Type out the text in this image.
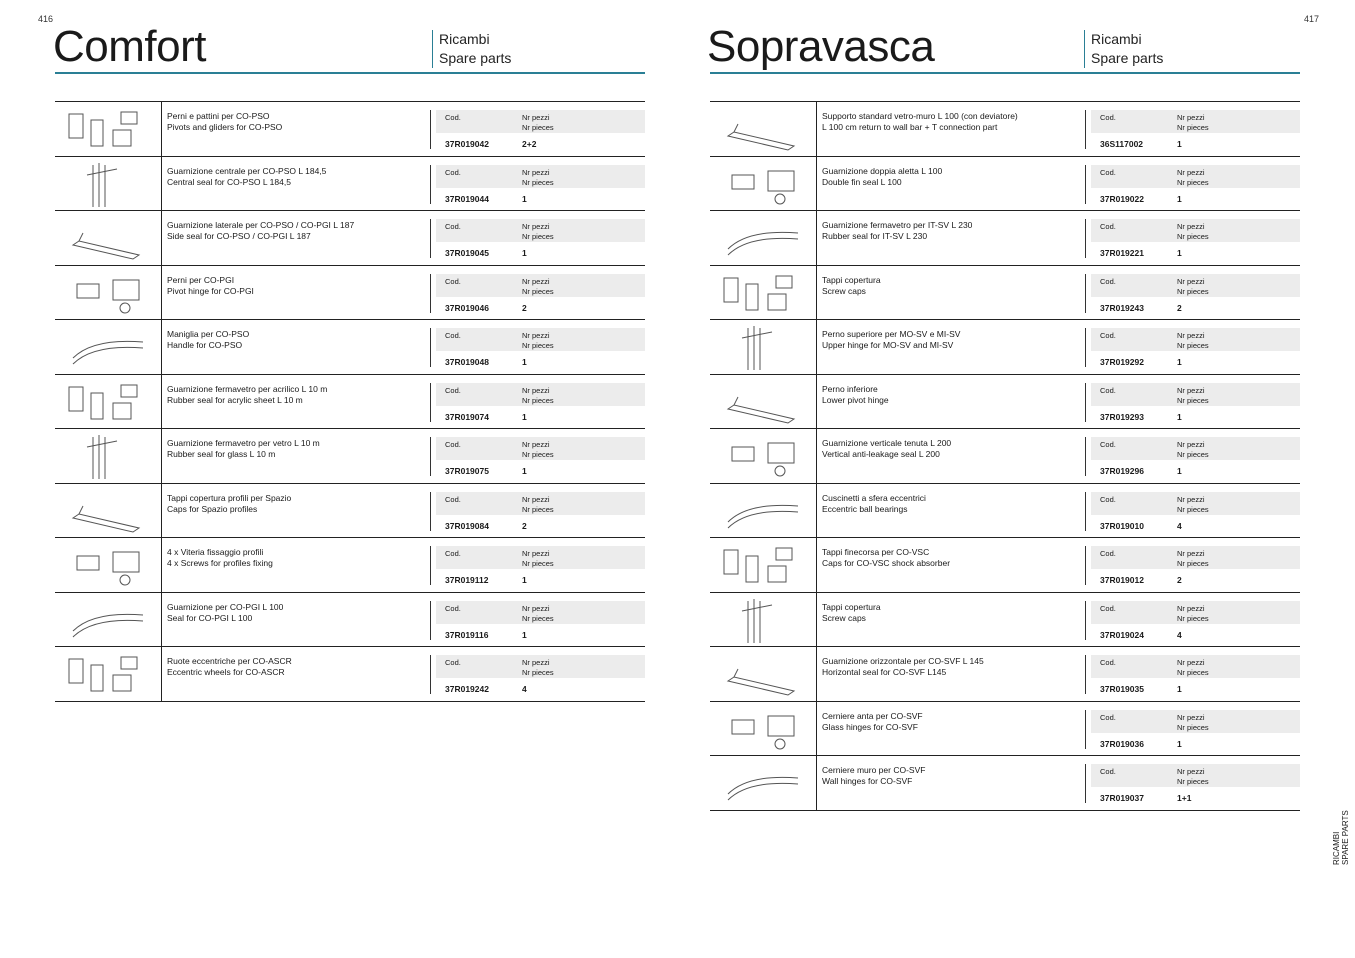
416
Comfort	Ricambi
Spare parts
Perni e pattini per CO-PSO
Pivots and gliders for CO-PSO
Cod.	Nr pezzi
Nr pieces
37R019042	2+2
Guarnizione centrale per CO-PSO L 184,5
Central seal for CO-PSO L 184,5
Cod.	Nr pezzi
Nr pieces
37R019044	1
Guarnizione laterale per CO-PSO / CO-PGI L 187
Side seal for CO-PSO / CO-PGI L 187
Cod.	Nr pezzi
Nr pieces
37R019045	1
Perni per CO-PGI
Pivot hinge for CO-PGI
Cod.	Nr pezzi
Nr pieces
37R019046	2
Maniglia per CO-PSO
Handle for CO-PSO
Cod.	Nr pezzi
Nr pieces
37R019048	1
Guarnizione fermavetro per acrilico L 10 m
Rubber seal for acrylic sheet L 10 m
Cod.	Nr pezzi
Nr pieces
37R019074	1
Guarnizione fermavetro per vetro L 10 m
Rubber seal for glass L 10 m
Cod.	Nr pezzi
Nr pieces
37R019075	1
Tappi copertura profili per Spazio
Caps for Spazio profiles
Cod.	Nr pezzi
Nr pieces
37R019084	2
4 x Viteria fissaggio profili
4 x Screws for profiles fixing
Cod.	Nr pezzi
Nr pieces
37R019112	1
Guarnizione per CO-PGI L 100
Seal for CO-PGI L 100
Cod.	Nr pezzi
Nr pieces
37R019116	1
Ruote eccentriche per CO-ASCR
Eccentric wheels for CO-ASCR
Cod.	Nr pezzi
Nr pieces
37R019242	4
417
Sopravasca	Ricambi
Spare parts
Supporto standard vetro-muro L 100 (con deviatore)
L 100 cm return to wall bar + T connection part
Cod.	Nr pezzi
Nr pieces
36S117002	1
Guarnizione doppia aletta L 100
Double fin seal L 100
Cod.	Nr pezzi
Nr pieces
37R019022	1
Guarnizione fermavetro per IT-SV L 230
Rubber seal for IT-SV L 230
Cod.	Nr pezzi
Nr pieces
37R019221	1
Tappi copertura
Screw caps
Cod.	Nr pezzi
Nr pieces
37R019243	2
Perno superiore per MO-SV e MI-SV
Upper hinge for MO-SV and MI-SV
Cod.	Nr pezzi
Nr pieces
37R019292	1
Perno inferiore
Lower pivot hinge
Cod.	Nr pezzi
Nr pieces
37R019293	1
Guarnizione verticale tenuta L 200
Vertical anti-leakage seal L 200
Cod.	Nr pezzi
Nr pieces
37R019296	1
Cuscinetti a sfera eccentrici
Eccentric ball bearings
Cod.	Nr pezzi
Nr pieces
37R019010	4
Tappi finecorsa per CO-VSC
Caps for CO-VSC shock absorber
Cod.	Nr pezzi
Nr pieces
37R019012	2
Tappi copertura
Screw caps
Cod.	Nr pezzi
Nr pieces
37R019024	4
Guarnizione orizzontale per CO-SVF L 145
Horizontal seal for CO-SVF L145
Cod.	Nr pezzi
Nr pieces
37R019035	1
Cerniere anta per CO-SVF
Glass hinges for CO-SVF
Cod.	Nr pezzi
Nr pieces
37R019036	1
Cerniere muro per CO-SVF
Wall hinges for CO-SVF
Cod.	Nr pezzi
Nr pieces
37R019037	1+1
RICAMBI SPARE PARTS
